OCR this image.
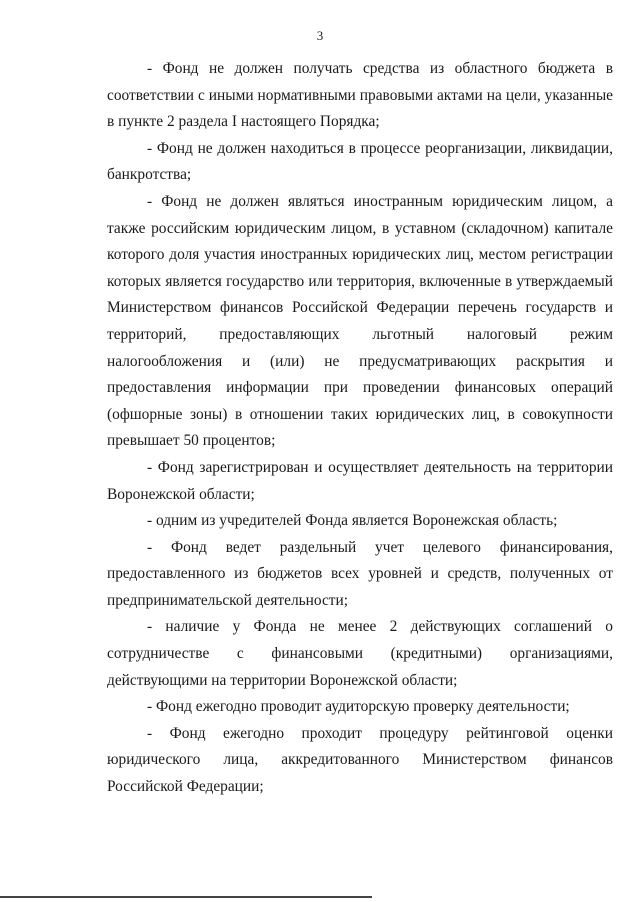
3

- Фонд не должен получать средства из областного бюджета в соответствии с иными нормативными правовыми актами на цели, указанные в пункте 2 раздела I настоящего Порядка;

- Фонд не должен находиться в процессе реорганизации, ликвидации, банкротства;

- Фонд не должен являться иностранным юридическим лицом, а также российским юридическим лицом, в уставном (складочном) капитале которого доля участия иностранных юридических лиц, местом регистрации которых является государство или территория, включенные в утверждаемый Министерством финансов Российской Федерации перечень государств и территорий, предоставляющих льготный налоговый режим налогообложения и (или) не предусматривающих раскрытия и предоставления информации при проведении финансовых операций (офшорные зоны) в отношении таких юридических лиц, в совокупности превышает 50 процентов;

- Фонд зарегистрирован и осуществляет деятельность на территории Воронежской области;

- одним из учредителей Фонда является Воронежская область;

- Фонд ведет раздельный учет целевого финансирования, предоставленного из бюджетов всех уровней и средств, полученных от предпринимательской деятельности;

- наличие у Фонда не менее 2 действующих соглашений о сотрудничестве с финансовыми (кредитными) организациями, действующими на территории Воронежской области;

- Фонд ежегодно проводит аудиторскую проверку деятельности;

- Фонд ежегодно проходит процедуру рейтинговой оценки юридического лица, аккредитованного Министерством финансов Российской Федерации;
